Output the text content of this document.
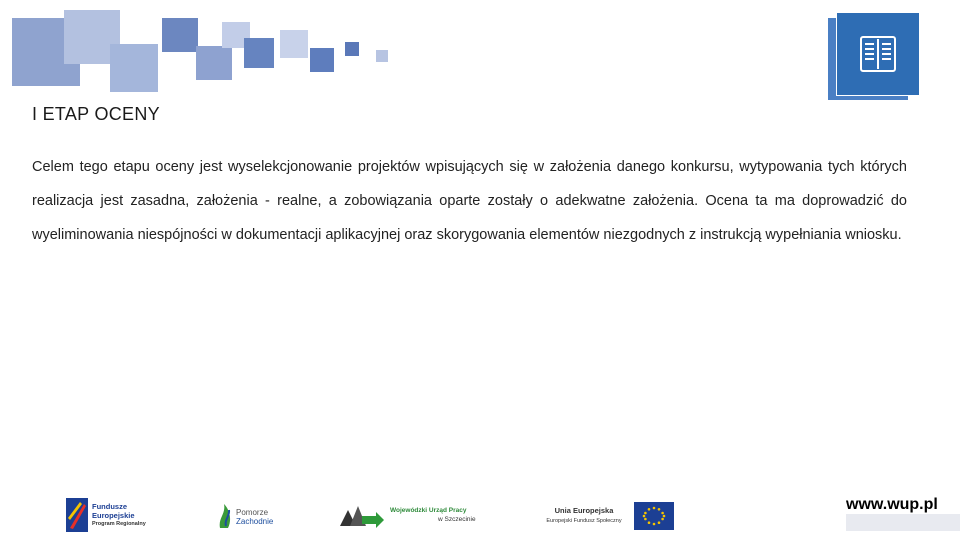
I ETAP OCENY

Celem tego etapu oceny jest wyselekcjonowanie projektów wpisujących się w założenia danego konkursu, wytypowania tych których realizacja jest zasadna, założenia - realne, a zobowiązania oparte zostały o adekwatne założenia. Ocena ta ma doprowadzić do wyeliminowania niespójności w dokumentacji aplikacyjnej oraz skorygowania elementów niezgodnych z instrukcją wypełniania wniosku.

Fundusze
Europejskie
Program Regionalny
Pomorze
Zachodnie
Wojewódzki Urząd Pracy
w Szczecinie
Unia Europejska
Europejski Fundusz Społeczny
www.wup.pl
